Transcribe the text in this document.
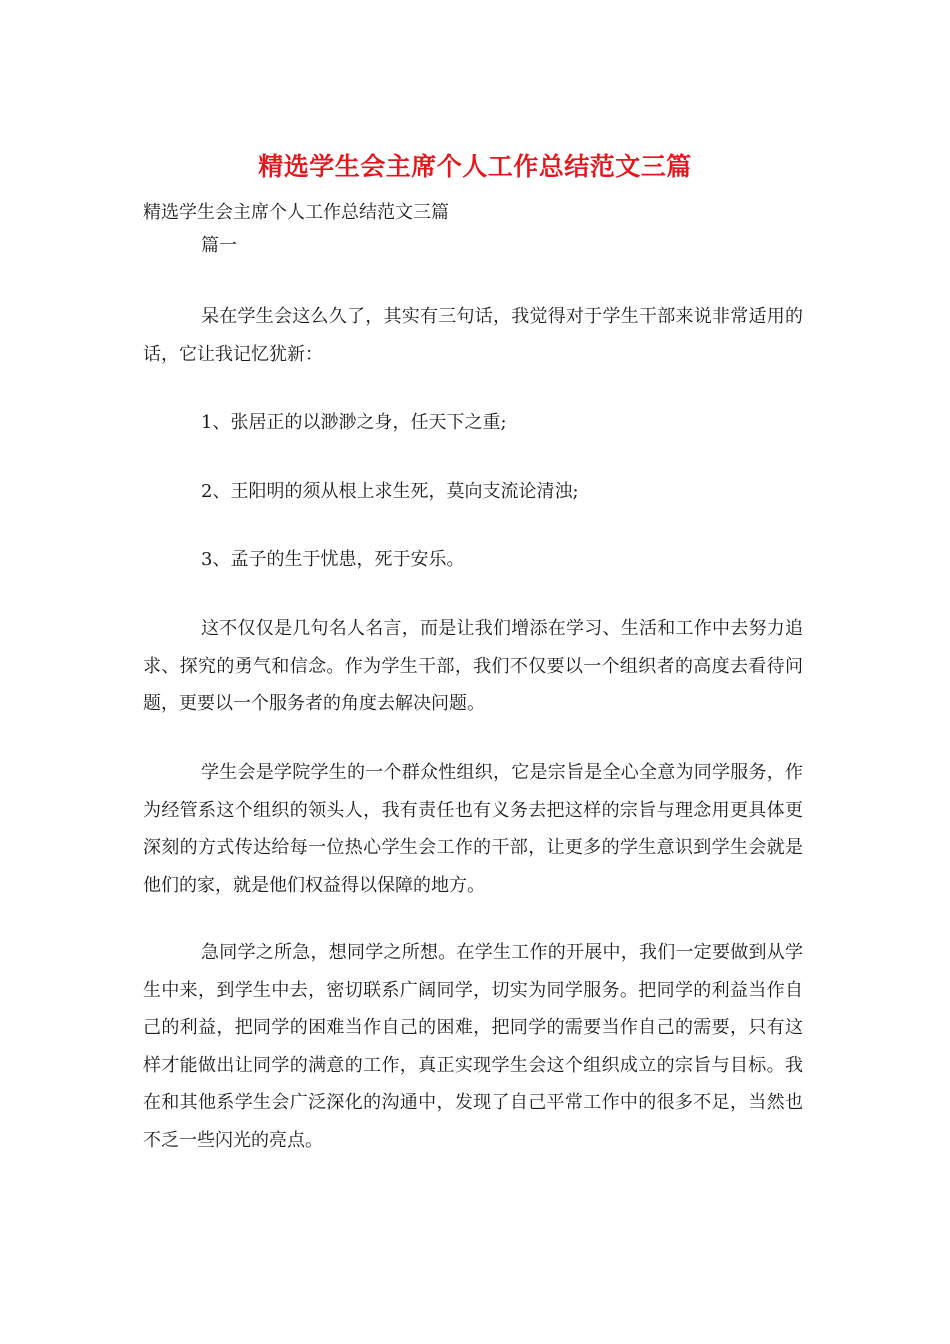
精选学生会主席个人工作总结范文三篇
精选学生会主席个人工作总结范文三篇
篇一

呆在学生会这么久了，其实有三句话，我觉得对于学生干部来说非常适用的话，它让我记忆犹新：

1、张居正的以渺渺之身，任天下之重;

2、王阳明的须从根上求生死，莫向支流论清浊;

3、孟子的生于忧患，死于安乐。

这不仅仅是几句名人名言，而是让我们增添在学习、生活和工作中去努力追求、探究的勇气和信念。作为学生干部，我们不仅要以一个组织者的高度去看待问题，更要以一个服务者的角度去解决问题。

学生会是学院学生的一个群众性组织，它是宗旨是全心全意为同学服务，作为经管系这个组织的领头人，我有责任也有义务去把这样的宗旨与理念用更具体更深刻的方式传达给每一位热心学生会工作的干部，让更多的学生意识到学生会就是他们的家，就是他们权益得以保障的地方。

急同学之所急，想同学之所想。在学生工作的开展中，我们一定要做到从学生中来，到学生中去，密切联系广阔同学，切实为同学服务。把同学的利益当作自己的利益，把同学的困难当作自己的困难，把同学的需要当作自己的需要，只有这样才能做出让同学的满意的工作，真正实现学生会这个组织成立的宗旨与目标。我在和其他系学生会广泛深化的沟通中，发现了自己平常工作中的很多不足，当然也不乏一些闪光的亮点。
